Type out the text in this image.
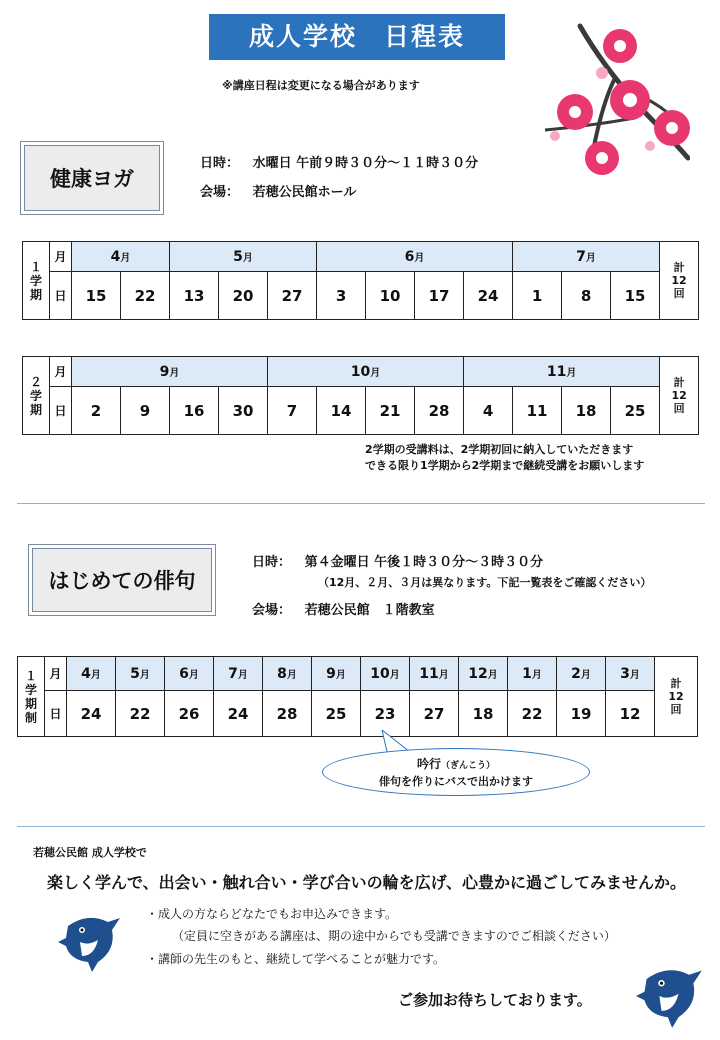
成人学校　日程表
※講座日程は変更になる場合があります
健康ヨガ
日時： 水曜日 午前９時３０分～１１時３０分
会場： 若穂公民館ホール
１学期	月	4月		5月			6月				7月			計12回
	日	15	22	13	20	27	3	10	17	24	1	8	15	
２学期	月	9月				10月				11月				計12回
	日	2	9	16	30	7	14	21	28	4	11	18	25	
2学期の受講料は、2学期初回に納入していただきます
できる限り1学期から2学期まで継続受講をお願いします
はじめての俳句
日時： 第４金曜日 午後１時３０分～３時３０分
（12月、２月、３月は異なります。下記一覧表をご確認ください）
会場： 若穂公民館　１階教室
１学期制	月	4月	5月	6月	7月	8月	9月	10月	11月	12月	1月	2月	3月	計12回
	日	24	22	26	24	28	25	23	27	18	22	19	12	
吟行（ぎんこう）
俳句を作りにバスで出かけます
若穂公民館 成人学校で
楽しく学んで、出会い・触れ合い・学び合いの輪を広げ、心豊かに過ごしてみませんか。
・成人の方ならどなたでもお申込みできます。
（定員に空きがある講座は、期の途中からでも受講できますのでご相談ください）
・講師の先生のもと、継続して学べることが魅力です。
ご参加お待ちしております。
